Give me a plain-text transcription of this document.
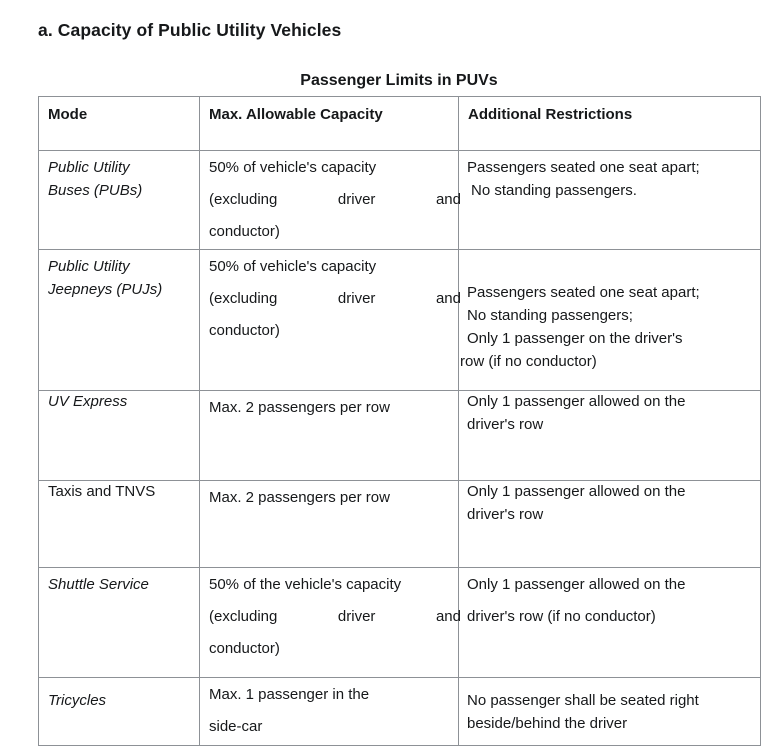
a. Capacity of Public Utility Vehicles
Passenger Limits in PUVs
Mode	Max. Allowable Capacity	Additional Restrictions

Public Utility
Buses (PUBs)	50% of vehicle's capacity
(excluding driver and
conductor)	Passengers seated one seat apart;
No standing passengers.

Public Utility
Jeepneys (PUJs)	50% of vehicle's capacity
(excluding driver and
conductor)	Passengers seated one seat apart;
No standing passengers;
Only 1 passenger on the driver's
row (if no conductor)

UV Express	Max. 2 passengers per row	Only 1 passenger allowed on the
driver's row

Taxis and TNVS	Max. 2 passengers per row	Only 1 passenger allowed on the
driver's row

Shuttle Service	50% of the vehicle's capacity
(excluding driver and
conductor)	Only 1 passenger allowed on the
driver's row (if no conductor)

Tricycles	Max. 1 passenger in the
side-car	No passenger shall be seated right
beside/behind the driver
